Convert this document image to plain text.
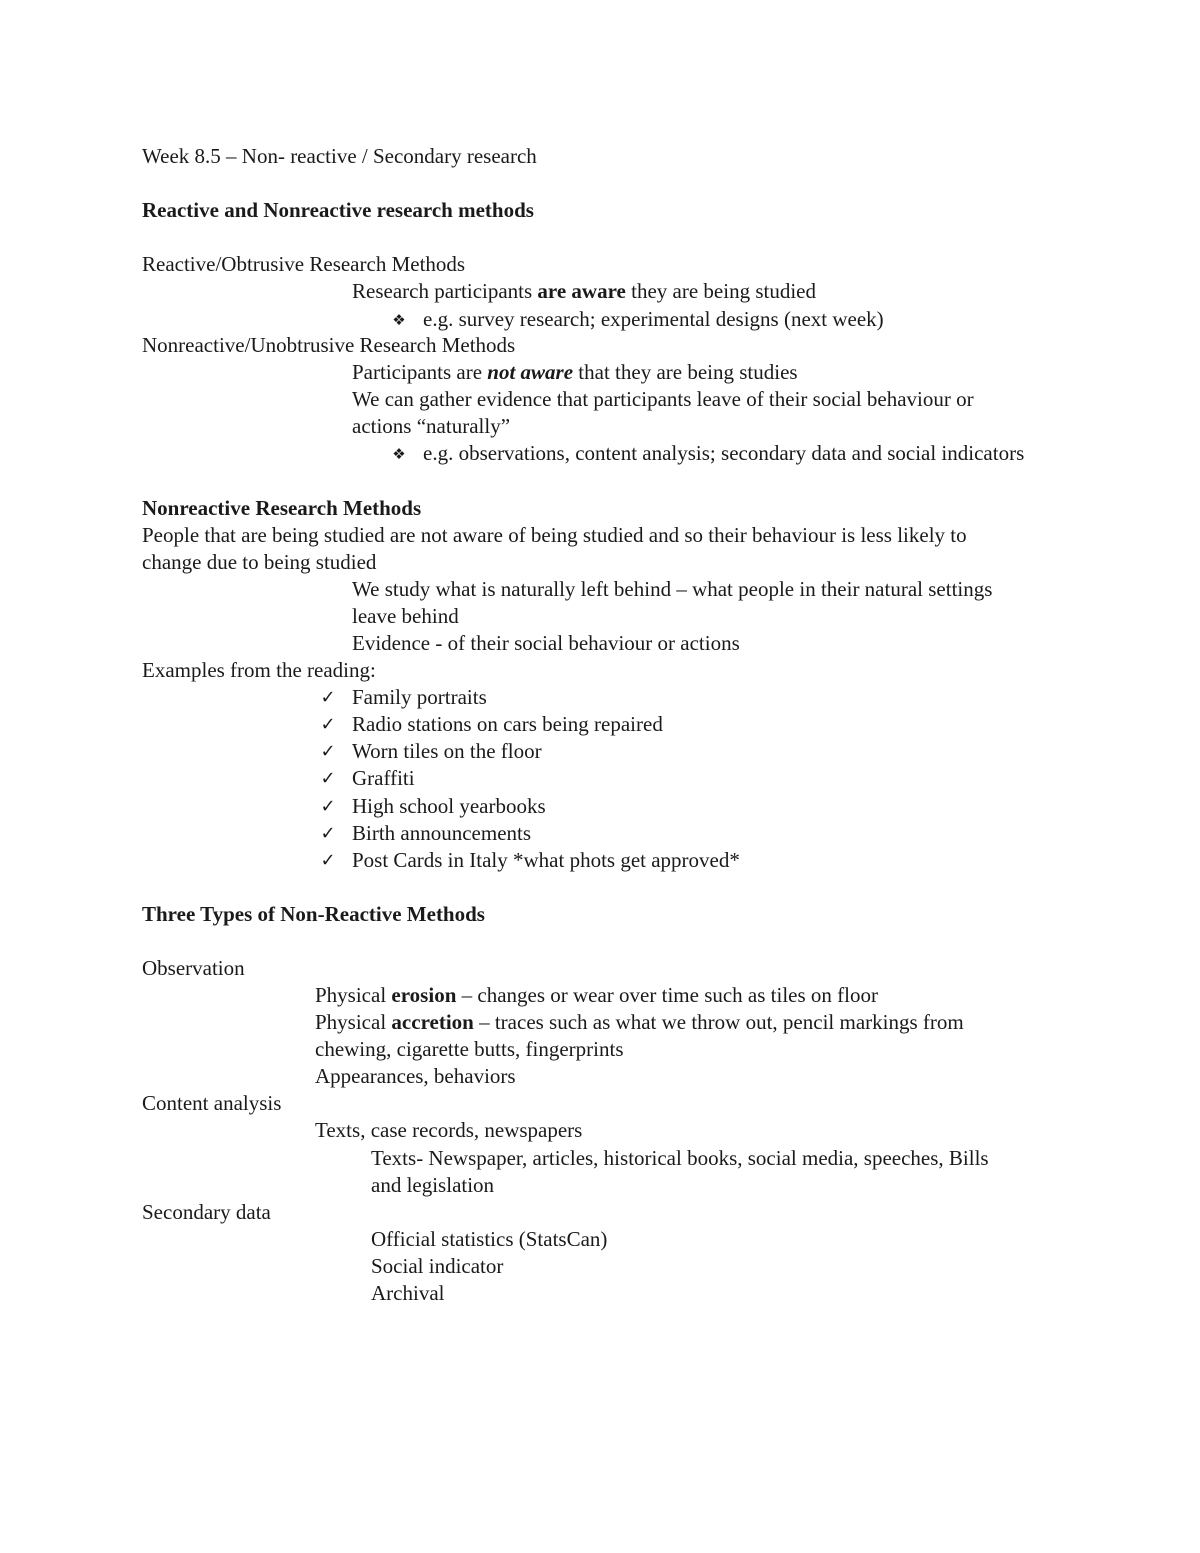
Week 8.5 – Non- reactive / Secondary research
Reactive and Nonreactive research methods
Reactive/Obtrusive Research Methods
Research participants are aware they are being studied
❖ e.g. survey research; experimental designs (next week)
Nonreactive/Unobtrusive Research Methods
Participants are not aware that they are being studies
We can gather evidence that participants leave of their social behaviour or
actions “naturally”
❖ e.g. observations, content analysis; secondary data and social indicators
Nonreactive Research Methods
People that are being studied are not aware of being studied and so their behaviour is less likely to
change due to being studied
We study what is naturally left behind – what people in their natural settings
leave behind
Evidence - of their social behaviour or actions
Examples from the reading:
✓ Family portraits
✓ Radio stations on cars being repaired
✓ Worn tiles on the floor
✓ Graffiti
✓ High school yearbooks
✓ Birth announcements
✓ Post Cards in Italy *what phots get approved*
Three Types of Non-Reactive Methods
Observation
Physical erosion – changes or wear over time such as tiles on floor
Physical accretion – traces such as what we throw out, pencil markings from
chewing, cigarette butts, fingerprints
Appearances, behaviors
Content analysis
Texts, case records, newspapers
Texts- Newspaper, articles, historical books, social media, speeches, Bills
and legislation
Secondary data
Official statistics (StatsCan)
Social indicator
Archival
